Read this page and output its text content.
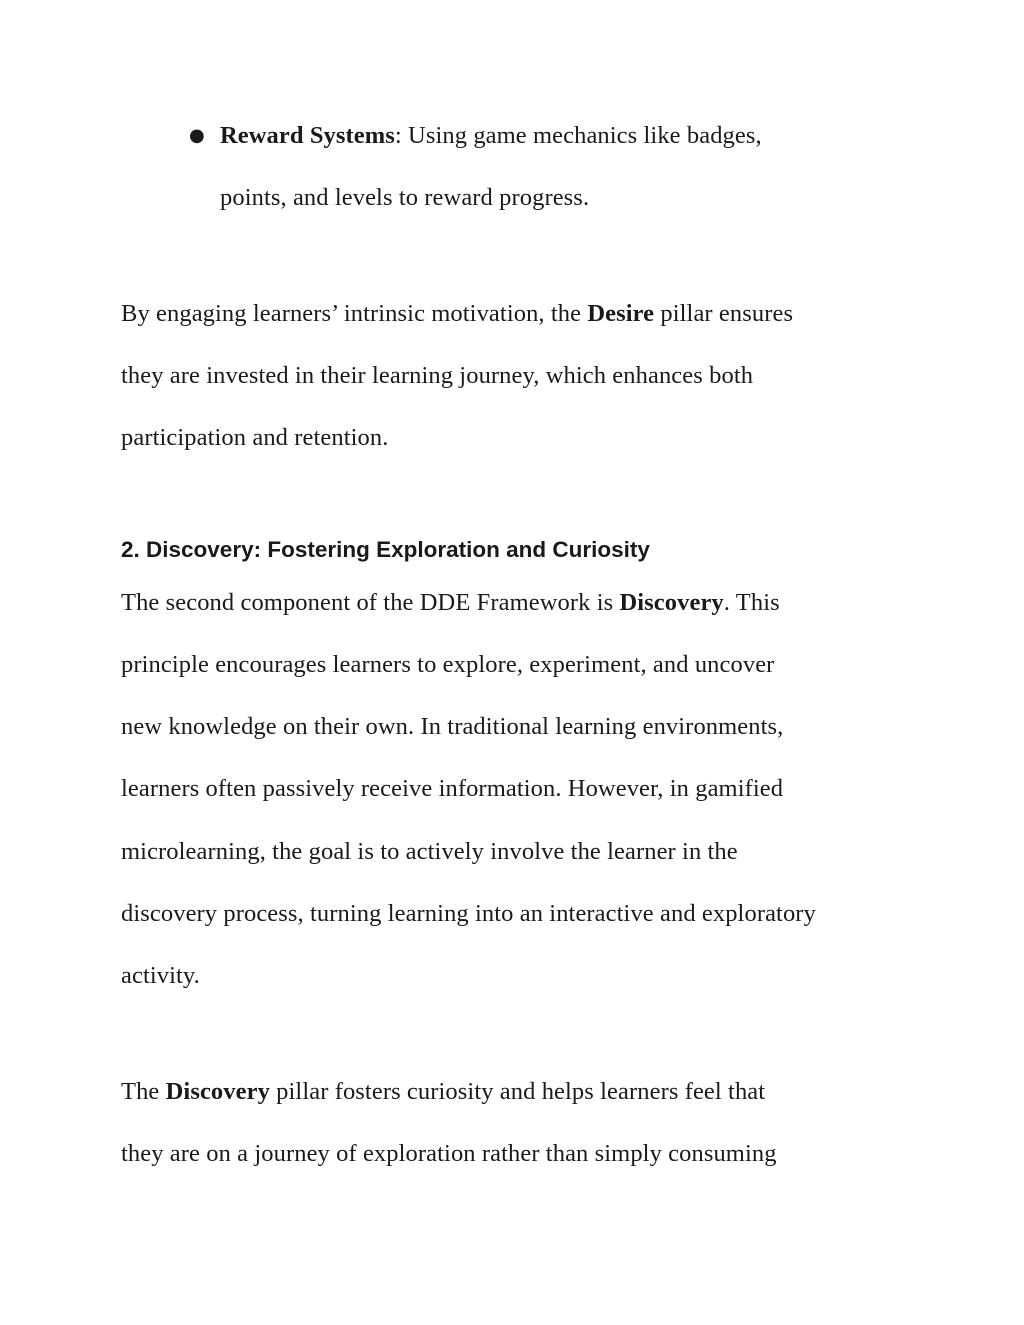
● Reward Systems: Using game mechanics like badges,
points, and levels to reward progress.
By engaging learners’ intrinsic motivation, the Desire pillar ensures
they are invested in their learning journey, which enhances both
participation and retention.
2. Discovery: Fostering Exploration and Curiosity
The second component of the DDE Framework is Discovery. This
principle encourages learners to explore, experiment, and uncover
new knowledge on their own. In traditional learning environments,
learners often passively receive information. However, in gamified
microlearning, the goal is to actively involve the learner in the
discovery process, turning learning into an interactive and exploratory
activity.
The Discovery pillar fosters curiosity and helps learners feel that
they are on a journey of exploration rather than simply consuming
